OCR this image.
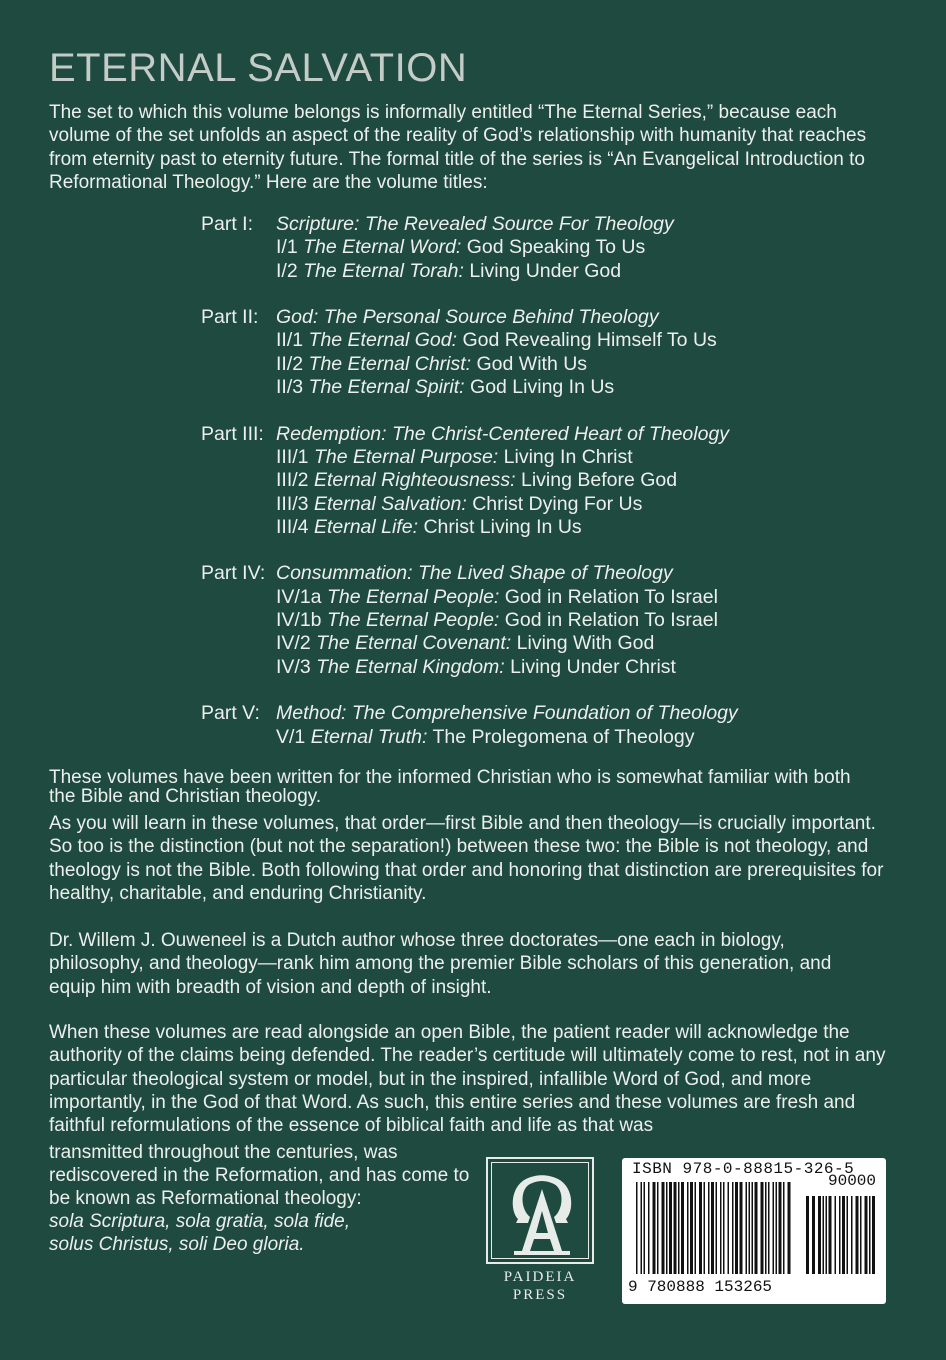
ETERNAL SALVATION

The set to which this volume belongs is informally entitled “The Eternal Series,” because each volume of the set unfolds an aspect of the reality of God’s relationship with humanity that reaches from eternity past to eternity future. The formal title of the series is “An Evangelical Introduction to Reformational Theology.” Here are the volume titles:

Part I:	Scripture: The Revealed Source For Theology
I/1 The Eternal Word: God Speaking To Us
I/2 The Eternal Torah: Living Under God
Part II: God: The Personal Source Behind Theology
II/1 The Eternal God: God Revealing Himself To Us
II/2 The Eternal Christ: God With Us
II/3 The Eternal Spirit: God Living In Us
Part III: Redemption: The Christ-Centered Heart of Theology
III/1 The Eternal Purpose: Living In Christ
III/2 Eternal Righteousness: Living Before God
III/3 Eternal Salvation: Christ Dying For Us
III/4 Eternal Life: Christ Living In Us
Part IV: Consummation: The Lived Shape of Theology
IV/1a The Eternal People: God in Relation To Israel
IV/1b The Eternal People: God in Relation To Israel
IV/2 The Eternal Covenant: Living With God
IV/3 The Eternal Kingdom: Living Under Christ
Part V: Method: The Comprehensive Foundation of Theology
V/1 Eternal Truth: The Prolegomena of Theology

These volumes have been written for the informed Christian who is somewhat familiar with both the Bible and Christian theology.

As you will learn in these volumes, that order—first Bible and then theology—is crucially important. So too is the distinction (but not the separation!) between these two: the Bible is not theology, and theology is not the Bible. Both following that order and honoring that distinction are prerequisites for healthy, charitable, and enduring Christianity.

Dr. Willem J. Ouweneel is a Dutch author whose three doctorates—one each in biology, philosophy, and theology—rank him among the premier Bible scholars of this generation, and equip him with breadth of vision and depth of insight.

When these volumes are read alongside an open Bible, the patient reader will acknowledge the authority of the claims being defended. The reader’s certitude will ultimately come to rest, not in any particular theological system or model, but in the inspired, infallible Word of God, and more importantly, in the God of that Word. As such, this entire series and these volumes are fresh and faithful reformulations of the essence of biblical faith and life as that was

transmitted throughout the centuries, was rediscovered in the Reformation, and has come to be known as Reformational theology:

sola Scriptura, sola gratia, sola fide,
solus Christus, soli Deo gloria.
PAIDEIA
PRESS
ISBN 978-0-88815-326-5
90000
9 780888 153265
